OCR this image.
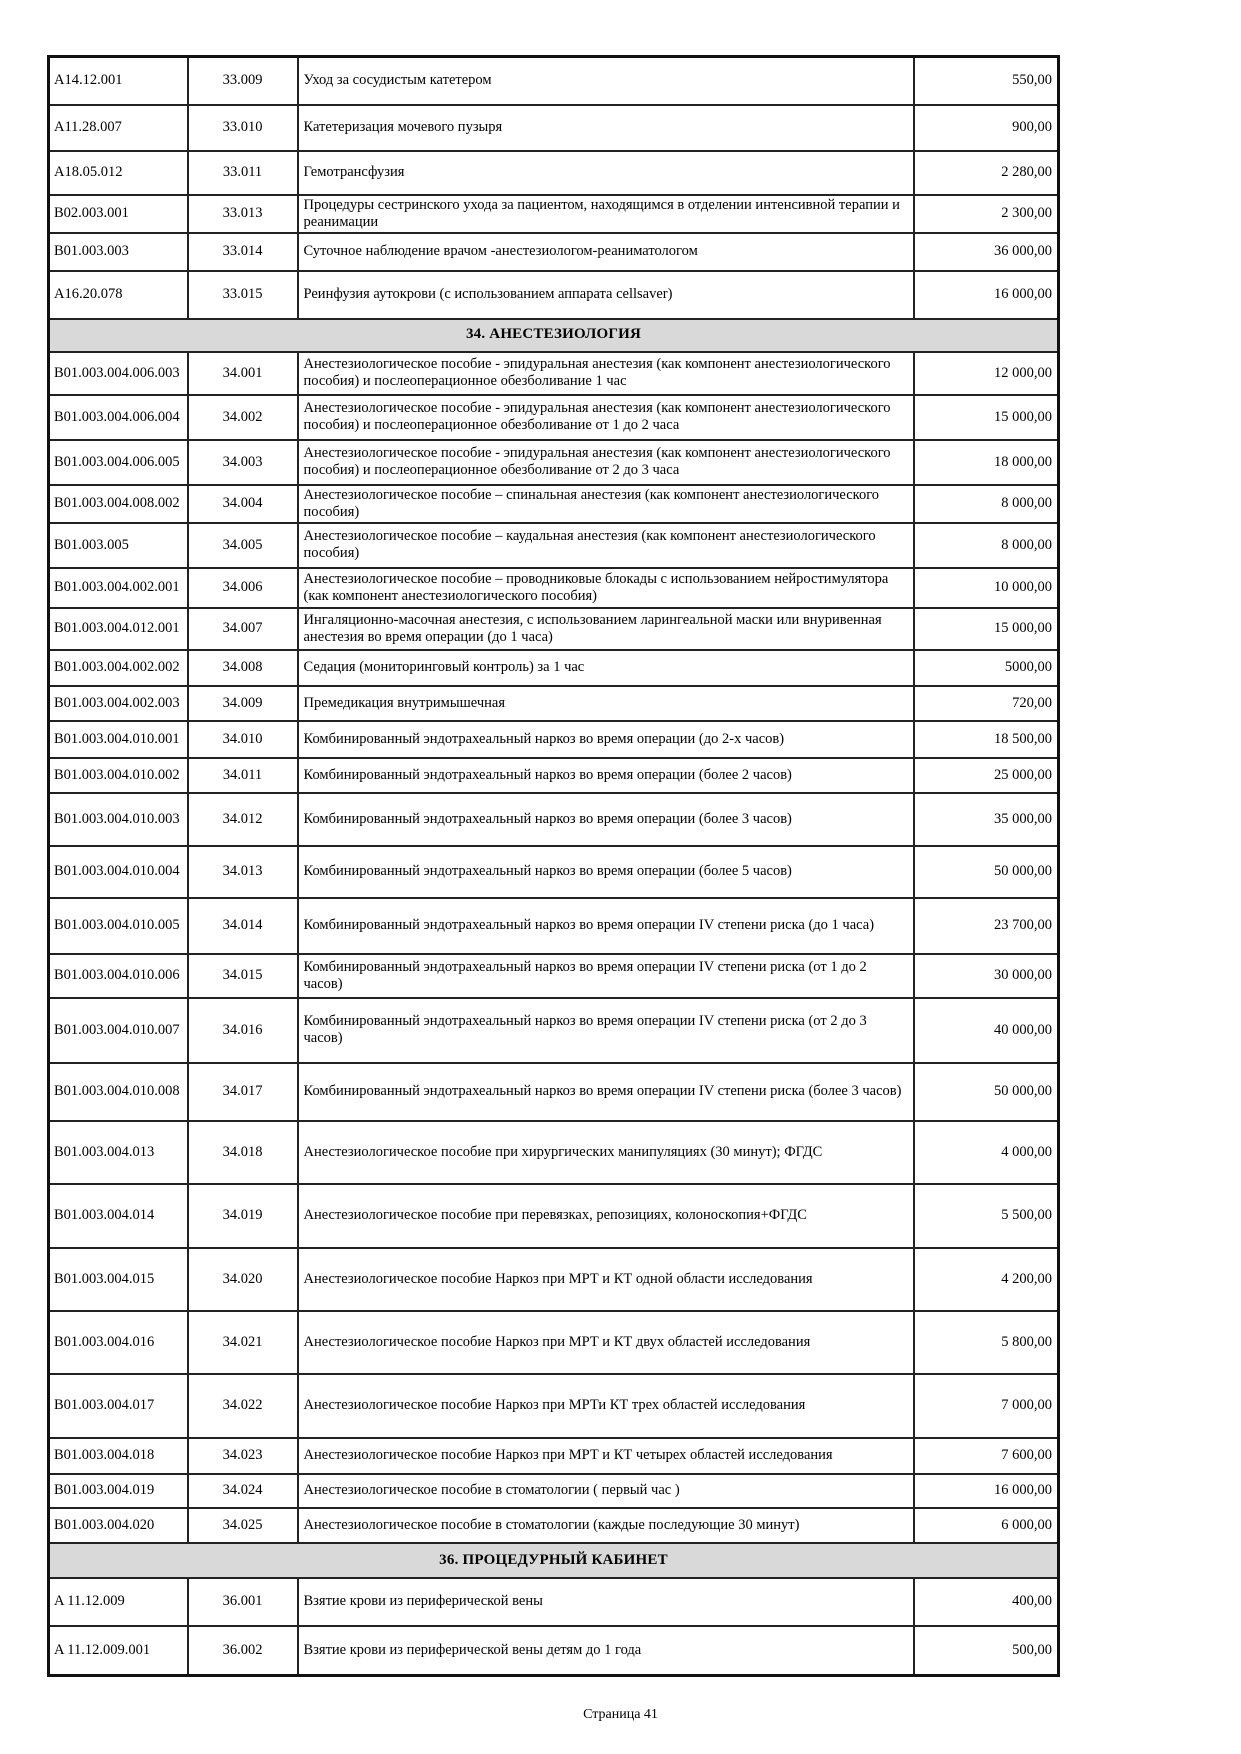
A14.12.001	33.009	Уход за сосудистым катетером	550,00
A11.28.007	33.010	Катетеризация мочевого пузыря	900,00
A18.05.012	33.011	Гемотрансфузия	2 280,00
B02.003.001	33.013	Процедуры сестринского ухода за пациентом, находящимся в отделении интенсивной терапии и реанимации	2 300,00
B01.003.003	33.014	Суточное наблюдение врачом -анестезиологом-реаниматологом	36 000,00
A16.20.078	33.015	Реинфузия аутокрови (с использованием аппарата cellsaver)	16 000,00
34. АНЕСТЕЗИОЛОГИЯ			
B01.003.004.006.003	34.001	Анестезиологическое пособие - эпидуральная анестезия (как компонент анестезиологического пособия) и послеоперационное обезболивание 1 час	12 000,00
B01.003.004.006.004	34.002	Анестезиологическое пособие - эпидуральная анестезия (как компонент анестезиологического пособия) и послеоперационное обезболивание от 1 до 2 часа	15 000,00
B01.003.004.006.005	34.003	Анестезиологическое пособие - эпидуральная анестезия (как компонент анестезиологического пособия) и послеоперационное обезболивание от 2 до 3 часа	18 000,00
B01.003.004.008.002	34.004	Анестезиологическое пособие – спинальная анестезия (как компонент анестезиологического пособия)	8 000,00
B01.003.005	34.005	Анестезиологическое пособие – каудальная анестезия (как компонент анестезиологического пособия)	8 000,00
B01.003.004.002.001	34.006	Анестезиологическое пособие – проводниковые блокады с использованием нейростимулятора (как компонент анестезиологического пособия)	10 000,00
B01.003.004.012.001	34.007	Ингаляционно-масочная анестезия, с использованием ларингеальной маски или внуривенная анестезия во время операции (до 1 часа)	15 000,00
B01.003.004.002.002	34.008	Седация (мониторинговый контроль) за 1 час	5000,00
B01.003.004.002.003	34.009	Премедикация внутримышечная	720,00
B01.003.004.010.001	34.010	Комбинированный эндотрахеальный наркоз во время операции (до 2-х часов)	18 500,00
B01.003.004.010.002	34.011	Комбинированный эндотрахеальный наркоз во время операции (более 2 часов)	25 000,00
B01.003.004.010.003	34.012	Комбинированный эндотрахеальный наркоз во время операции (более 3 часов)	35 000,00
B01.003.004.010.004	34.013	Комбинированный эндотрахеальный наркоз во время операции (более 5 часов)	50 000,00
B01.003.004.010.005	34.014	Комбинированный эндотрахеальный наркоз во время операции IV степени риска (до 1 часа)	23 700,00
B01.003.004.010.006	34.015	Комбинированный эндотрахеальный наркоз во время операции IV степени риска (от 1 до 2 часов)	30 000,00
B01.003.004.010.007	34.016	Комбинированный эндотрахеальный наркоз во время операции IV степени риска (от 2 до 3 часов)	40 000,00
B01.003.004.010.008	34.017	Комбинированный эндотрахеальный наркоз во время операции IV степени риска (более 3 часов)	50 000,00
B01.003.004.013	34.018	Анестезиологическое пособие при хирургических манипуляциях (30 минут); ФГДС	4 000,00
B01.003.004.014	34.019	Анестезиологическое пособие при перевязках, репозициях, колоноскопия+ФГДС	5 500,00
B01.003.004.015	34.020	Анестезиологическое пособие Наркоз при МРТ и КТ одной области исследования	4 200,00
B01.003.004.016	34.021	Анестезиологическое пособие Наркоз при МРТ и КТ двух областей исследования	5 800,00
B01.003.004.017	34.022	Анестезиологическое пособие Наркоз при МРТи КТ трех областей исследования	7 000,00
B01.003.004.018	34.023	Анестезиологическое пособие Наркоз при МРТ и КТ четырех областей исследования	7 600,00
B01.003.004.019	34.024	Анестезиологическое пособие в стоматологии ( первый час )	16 000,00
B01.003.004.020	34.025	Анестезиологическое пособие в стоматологии (каждые последующие 30 минут)	6 000,00
36. ПРОЦЕДУРНЫЙ КАБИНЕТ			
A 11.12.009	36.001	Взятие крови из периферической вены	400,00
A 11.12.009.001	36.002	Взятие крови из периферической вены детям до 1 года	500,00
Страница 41
